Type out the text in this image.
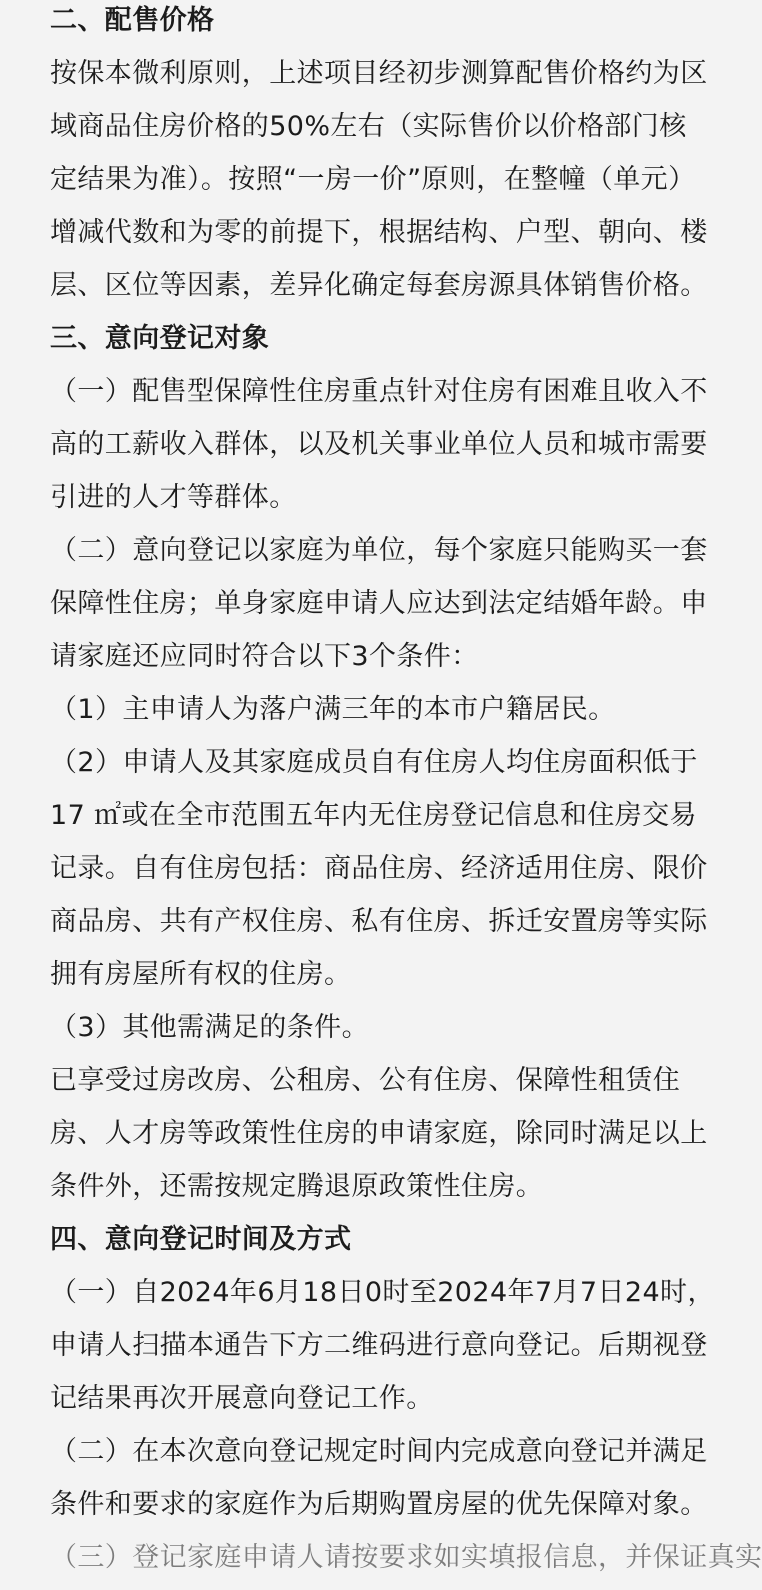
二、配售价格
按保本微利原则，上述项目经初步测算配售价格约为区
域商品住房价格的50%左右（实际售价以价格部门核
定结果为准）。按照“一房一价”原则，在整幢（单元）
增减代数和为零的前提下，根据结构、户型、朝向、楼
层、区位等因素，差异化确定每套房源具体销售价格。
三、意向登记对象
（一）配售型保障性住房重点针对住房有困难且收入不
高的工薪收入群体，以及机关事业单位人员和城市需要
引进的人才等群体。
（二）意向登记以家庭为单位，每个家庭只能购买一套
保障性住房；单身家庭申请人应达到法定结婚年龄。申
请家庭还应同时符合以下3个条件：
（1）主申请人为落户满三年的本市户籍居民。
（2）申请人及其家庭成员自有住房人均住房面积低于
17 ㎡或在全市范围五年内无住房登记信息和住房交易
记录。自有住房包括：商品住房、经济适用住房、限价
商品房、共有产权住房、私有住房、拆迁安置房等实际
拥有房屋所有权的住房。
（3）其他需满足的条件。
已享受过房改房、公租房、公有住房、保障性租赁住
房、人才房等政策性住房的申请家庭，除同时满足以上
条件外，还需按规定腾退原政策性住房。
四、意向登记时间及方式
（一）自2024年6月18日0时至2024年7月7日24时，
申请人扫描本通告下方二维码进行意向登记。后期视登
记结果再次开展意向登记工作。
（二）在本次意向登记规定时间内完成意向登记并满足
条件和要求的家庭作为后期购置房屋的优先保障对象。
（三）登记家庭申请人请按要求如实填报信息，并保证真实
